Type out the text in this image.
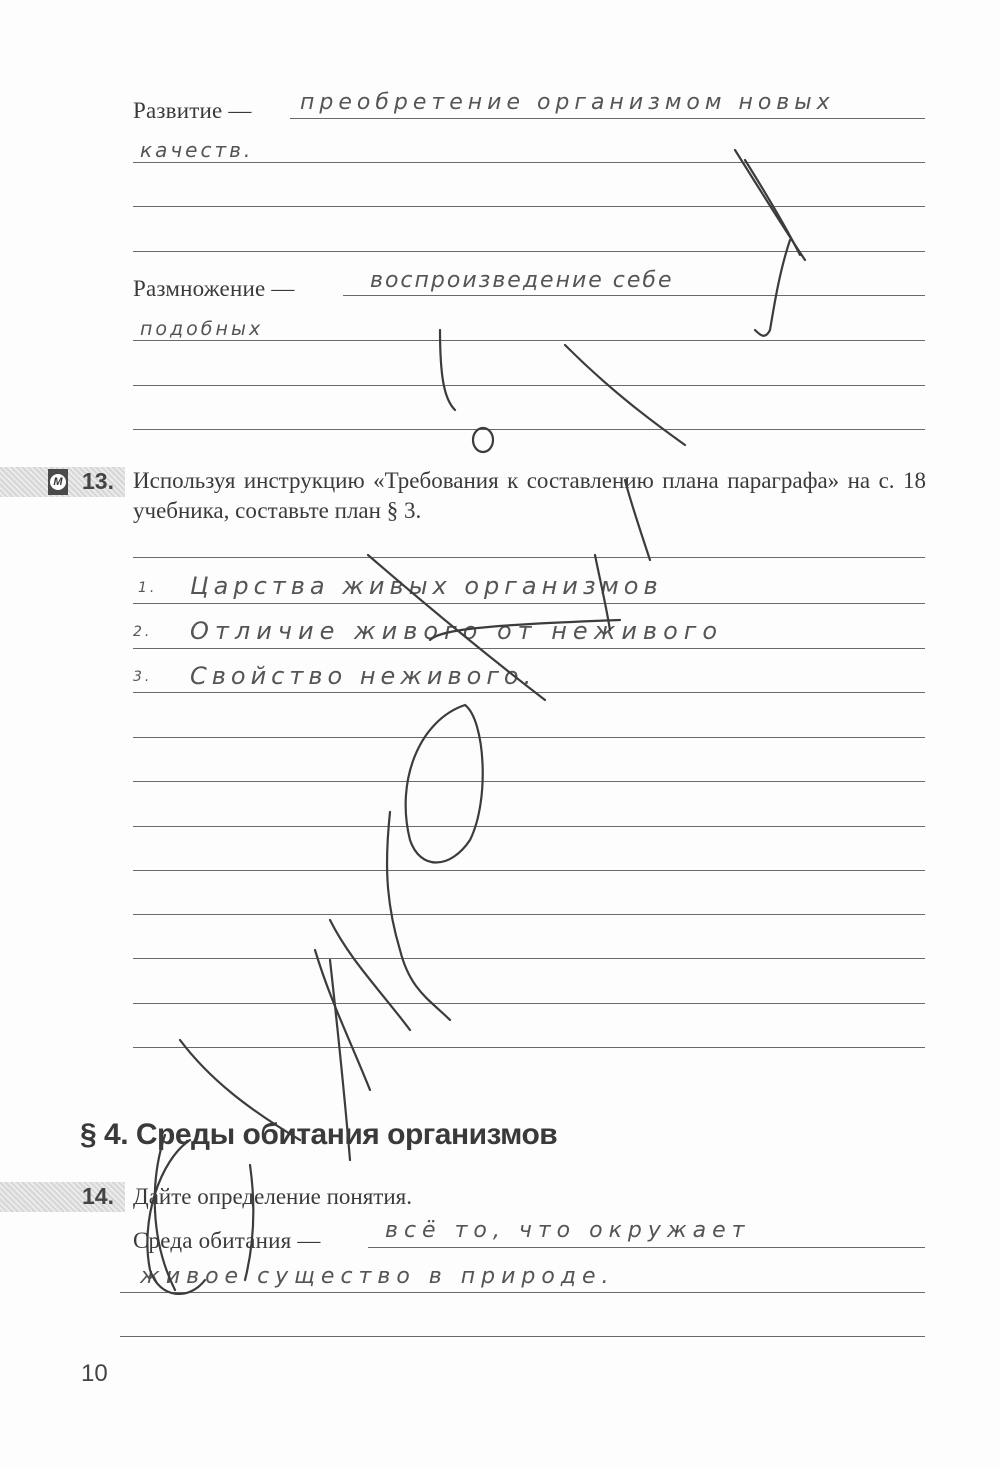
Развитие — преобретение организмом новых
качеств.
Размножение —	воспроизведение себе
подобных
М 13. Используя инструкцию «Требования к составлению плана параграфа» на с. 18 учебника, составьте план § 3.
1. Царства живых организмов
2. Отличие живого от неживого
3. Свойство неживого.
§ 4. Среды обитания организмов
14. Дайте определение понятия.
Среда обитания —	всё то, что окружает
живое существо в природе.
10
